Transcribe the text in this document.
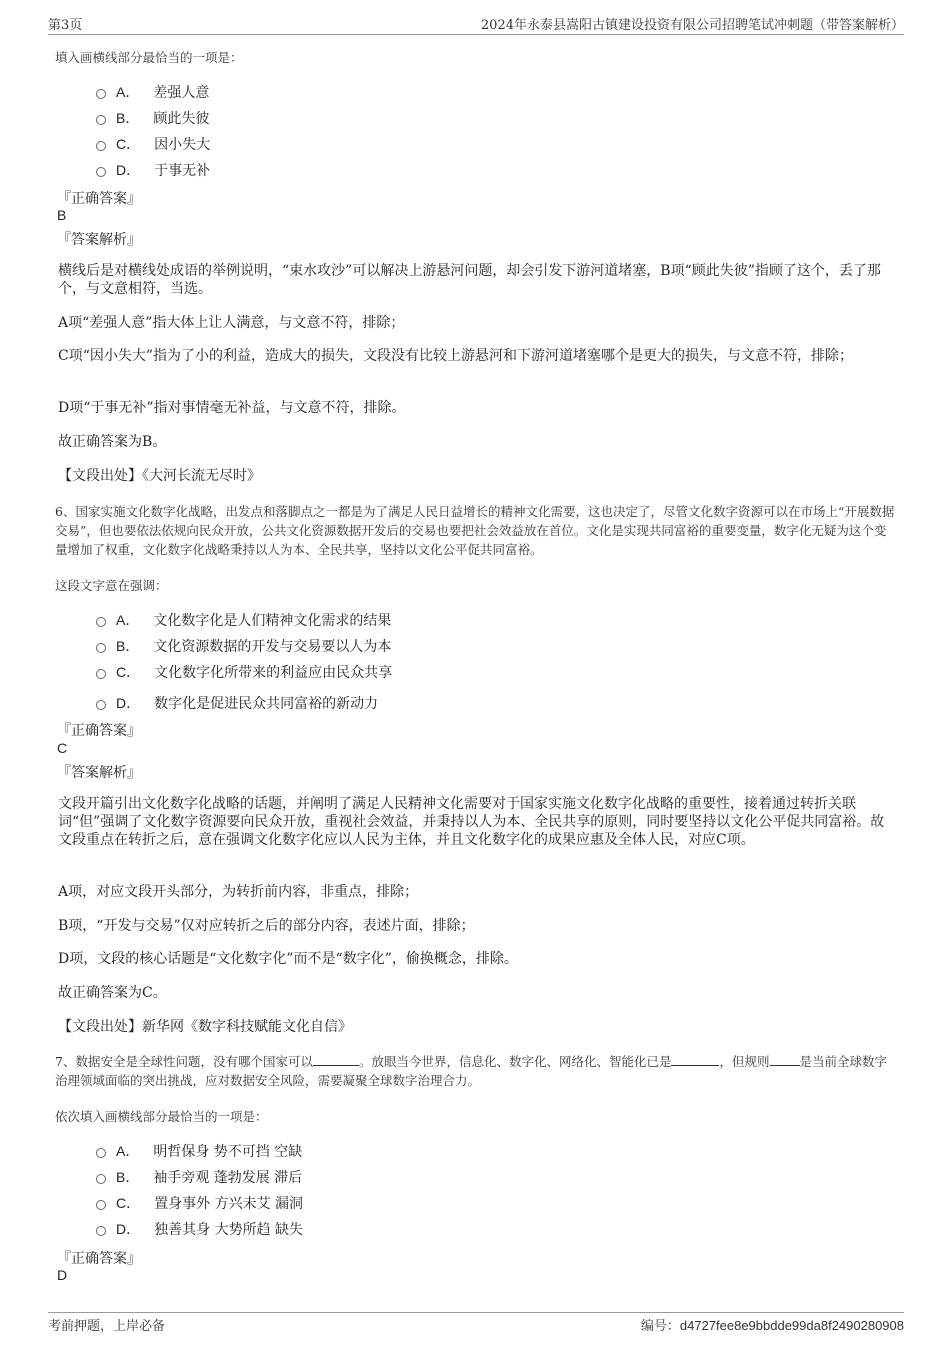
第3页	2024年永泰县嵩阳古镇建设投资有限公司招聘笔试冲刺题（带答案解析）
填入画横线部分最恰当的一项是：
A． 差强人意
B． 顾此失彼
C． 因小失大
D． 于事无补
『正确答案』
B
『答案解析』
横线后是对横线处成语的举例说明，“束水攻沙”可以解决上游悬河问题，却会引发下游河道堵塞，B项“顾此失彼”指顾了这个，丢了那个，与文意相符，当选。
A项“差强人意”指大体上让人满意，与文意不符，排除；
C项“因小失大”指为了小的利益，造成大的损失，文段没有比较上游悬河和下游河道堵塞哪个是更大的损失，与文意不符，排除；
D项“于事无补”指对事情毫无补益，与文意不符，排除。
故正确答案为B。
【文段出处】《大河长流无尽时》
6、国家实施文化数字化战略，出发点和落脚点之一都是为了满足人民日益增长的精神文化需要，这也决定了，尽管文化数字资源可以在市场上“开展数据交易”，但也要依法依规向民众开放，公共文化资源数据开发后的交易也要把社会效益放在首位。文化是实现共同富裕的重要变量，数字化无疑为这个变量增加了权重，文化数字化战略秉持以人为本、全民共享，坚持以文化公平促共同富裕。
这段文字意在强调：
A． 文化数字化是人们精神文化需求的结果
B． 文化资源数据的开发与交易要以人为本
C． 文化数字化所带来的利益应由民众共享
D． 数字化是促进民众共同富裕的新动力
『正确答案』
C
『答案解析』
文段开篇引出文化数字化战略的话题，并阐明了满足人民精神文化需要对于国家实施文化数字化战略的重要性，接着通过转折关联词“但”强调了文化数字资源要向民众开放，重视社会效益，并秉持以人为本、全民共享的原则，同时要坚持以文化公平促共同富裕。故文段重点在转折之后，意在强调文化数字化应以人民为主体，并且文化数字化的成果应惠及全体人民，对应C项。
A项，对应文段开头部分，为转折前内容，非重点，排除；
B项，“开发与交易”仅对应转折之后的部分内容，表述片面，排除；
D项，文段的核心话题是“文化数字化”而不是“数字化”，偷换概念，排除。
故正确答案为C。
【文段出处】新华网《数字科技赋能文化自信》
7、数据安全是全球性问题，没有哪个国家可以	。放眼当今世界，信息化、数字化、网络化、智能化已是	，但规则 是当前全球数字治理领域面临的突出挑战，应对数据安全风险，需要凝聚全球数字治理合力。
依次填入画横线部分最恰当的一项是：
A． 明哲保身 势不可挡 空缺
B． 袖手旁观 蓬勃发展 滞后
C． 置身事外 方兴未艾 漏洞
D． 独善其身 大势所趋 缺失
『正确答案』
D
考前押题，上岸必备	编号：d4727fee8e9bbdde99da8f2490280908
